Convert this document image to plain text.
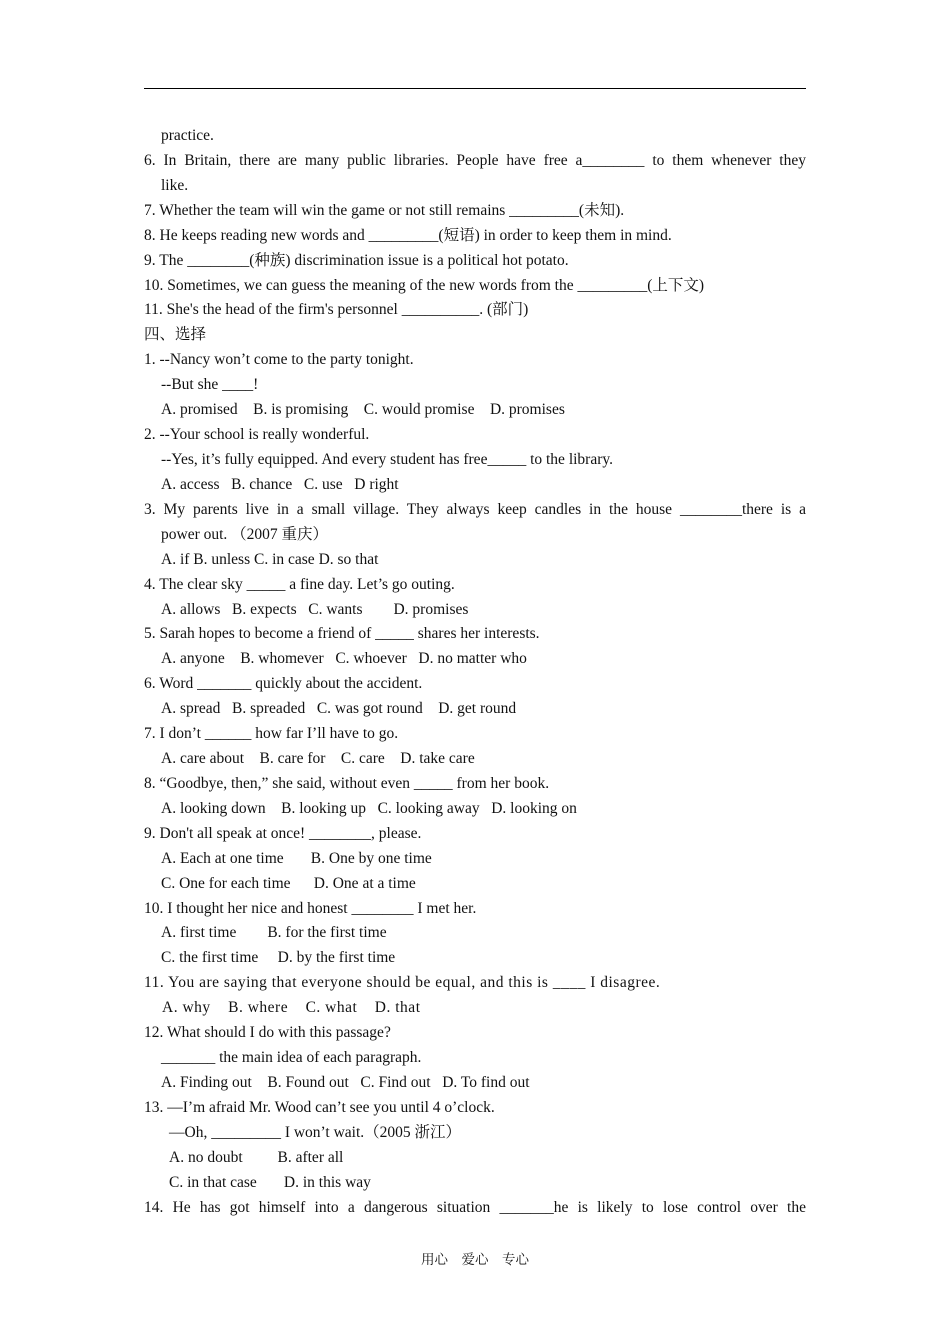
practice.
6. In Britain, there are many public libraries. People have free a________ to them whenever they
like.
7. Whether the team will win the game or not still remains _________(未知).
8. He keeps reading new words and _________(短语) in order to keep them in mind.
9. The ________(种族) discrimination issue is a political hot potato.
10. Sometimes, we can guess the meaning of the new words from the _________(上下文)
11. She's the head of the firm's personnel __________. (部门)
四、选择
1. --Nancy won’t come to the party tonight.
--But she ____!
A. promised    B. is promising    C. would promise    D. promises
2. --Your school is really wonderful.
--Yes, it’s fully equipped. And every student has free_____ to the library.
A. access   B. chance   C. use   D right
3. My parents live in a small village. They always keep candles in the house ________there is a
power out. （2007 重庆）
A. if B. unless C. in case D. so that
4. The clear sky _____ a fine day. Let’s go outing.
A. allows   B. expects   C. wants        D. promises
5. Sarah hopes to become a friend of _____ shares her interests.
A. anyone    B. whomever   C. whoever   D. no matter who
6. Word _______ quickly about the accident.
A. spread   B. spreaded   C. was got round    D. get round
7. I don’t ______ how far I’ll have to go.
A. care about    B. care for    C. care    D. take care
8. “Goodbye, then,” she said, without even _____ from her book.
A. looking down    B. looking up   C. looking away   D. looking on
9. Don't all speak at once! ________, please.
A. Each at one time       B. One by one time
C. One for each time      D. One at a time
10. I thought her nice and honest ________ I met her.
A. first time        B. for the first time
C. the first time     D. by the first time
11. You are saying that everyone should be equal, and this is ____ I disagree.
A. why    B. where    C. what    D. that
12. What should I do with this passage?
_______ the main idea of each paragraph.
A. Finding out    B. Found out   C. Find out   D. To find out
13. —I’m afraid Mr. Wood can’t see you until 4 o’clock.
—Oh, _________ I won’t wait.（2005 浙江）
A. no doubt         B. after all
C. in that case       D. in this way
14. He has got himself into a dangerous situation _______he is likely to lose control over the
用心    爱心    专心
